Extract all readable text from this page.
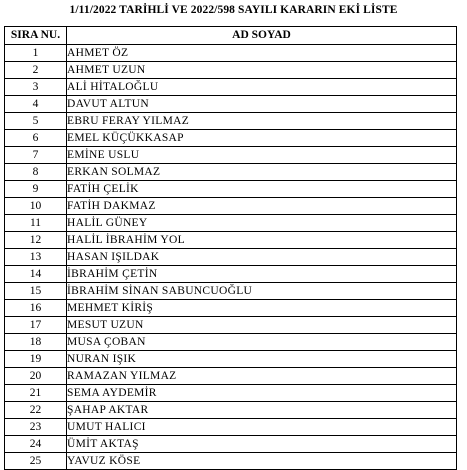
1/11/2022 TARİHLİ VE 2022/598 SAYILI KARARIN EKİ LİSTE
SIRA NU.	AD SOYAD
1	AHMET ÖZ
2	AHMET UZUN
3	ALİ HİTALOĞLU
4	DAVUT ALTUN
5	EBRU FERAY YILMAZ
6	EMEL KÜÇÜKKASAP
7	EMİNE USLU
8	ERKAN SOLMAZ
9	FATİH ÇELİK
10	FATİH DAKMAZ
11	HALİL GÜNEY
12	HALİL İBRAHİM YOL
13	HASAN IŞILDAK
14	İBRAHİM ÇETİN
15	İBRAHİM SİNAN SABUNCUOĞLU
16	MEHMET KİRİŞ
17	MESUT UZUN
18	MUSA ÇOBAN
19	NURAN IŞIK
20	RAMAZAN YILMAZ
21	SEMA AYDEMİR
22	ŞAHAP AKTAR
23	UMUT HALICI
24	ÜMİT AKTAŞ
25	YAVUZ KÖSE
